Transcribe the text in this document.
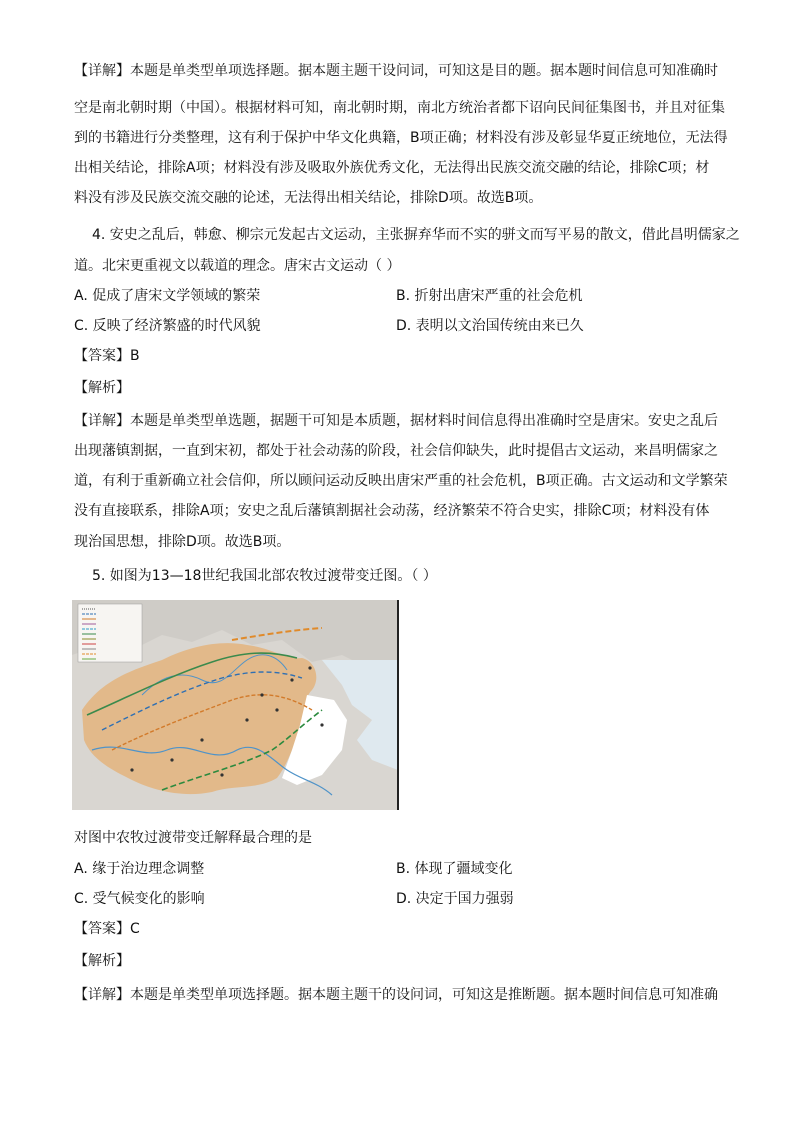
【详解】本题是单类型单项选择题。据本题主题干设问词，可知这是目的题。据本题时间信息可知准确时
空是南北朝时期（中国）。根据材料可知，南北朝时期，南北方统治者都下诏向民间征集图书，并且对征集
到的书籍进行分类整理，这有利于保护中华文化典籍，B项正确；材料没有涉及彰显华夏正统地位，无法得
出相关结论，排除A项；材料没有涉及吸取外族优秀文化，无法得出民族交流交融的结论，排除C项；材
料没有涉及民族交流交融的论述，无法得出相关结论，排除D项。故选B项。
4. 安史之乱后，韩愈、柳宗元发起古文运动，主张摒弃华而不实的骈文而写平易的散文，借此昌明儒家之
道。北宋更重视文以载道的理念。唐宋古文运动（ ）
A. 促成了唐宋文学领域的繁荣	B. 折射出唐宋严重的社会危机
C. 反映了经济繁盛的时代风貌	D. 表明以文治国传统由来已久
【答案】B
【解析】
【详解】本题是单类型单选题，据题干可知是本质题，据材料时间信息得出准确时空是唐宋。安史之乱后
出现藩镇割据，一直到宋初，都处于社会动荡的阶段，社会信仰缺失，此时提倡古文运动，来昌明儒家之
道，有利于重新确立社会信仰，所以顾问运动反映出唐宋严重的社会危机，B项正确。古文运动和文学繁荣
没有直接联系，排除A项；安史之乱后藩镇割据社会动荡，经济繁荣不符合史实，排除C项；材料没有体
现治国思想，排除D项。故选B项。
5. 如图为13—18世纪我国北部农牧过渡带变迁图。（ ）
对图中农牧过渡带变迁解释最合理的是
A. 缘于治边理念调整	B. 体现了疆域变化
C. 受气候变化的影响	D. 决定于国力强弱
【答案】C
【解析】
【详解】本题是单类型单项选择题。据本题主题干的设问词，可知这是推断题。据本题时间信息可知准确
